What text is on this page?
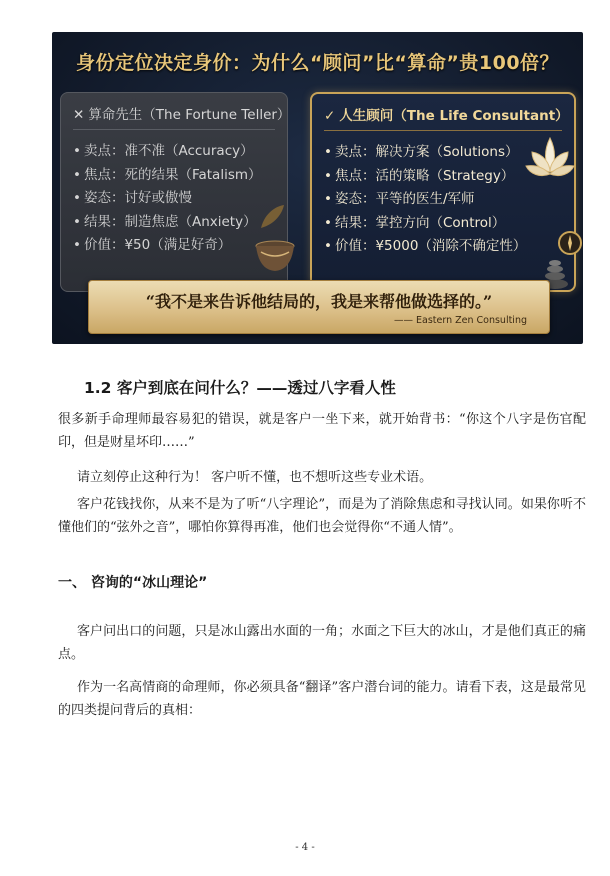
身份定位决定身价：为什么“顾问”比“算命”贵100倍？
✕ 算命先生（The Fortune Teller）
• 卖点：准不准（Accuracy）
• 焦点：死的结果（Fatalism）
• 姿态：讨好或傲慢
• 结果：制造焦虑（Anxiety）
• 价值：¥50（满足好奇）
✓ 人生顾问（The Life Consultant）
• 卖点：解决方案（Solutions）
• 焦点：活的策略（Strategy）
• 姿态：平等的医生/军师
• 结果：掌控方向（Control）
• 价值：¥5000（消除不确定性）
“我不是来告诉他结局的，我是来帮他做选择的。”
—— Eastern Zen Consulting
1.2 客户到底在问什么？——透过八字看人性

很多新手命理师最容易犯的错误，就是客户一坐下来，就开始背书：“你这个八字是伤官配印，但是财星坏印……”

请立刻停止这种行为！ 客户听不懂，也不想听这些专业术语。

客户花钱找你，从来不是为了听“八字理论”，而是为了消除焦虑和寻找认同。如果你听不懂他们的“弦外之音”，哪怕你算得再准，他们也会觉得你“不通人情”。

一、 咨询的“冰山理论”

客户问出口的问题，只是冰山露出水面的一角；水面之下巨大的冰山，才是他们真正的痛点。

作为一名高情商的命理师，你必须具备“翻译”客户潜台词的能力。请看下表，这是最常见的四类提问背后的真相：

- 4 -
